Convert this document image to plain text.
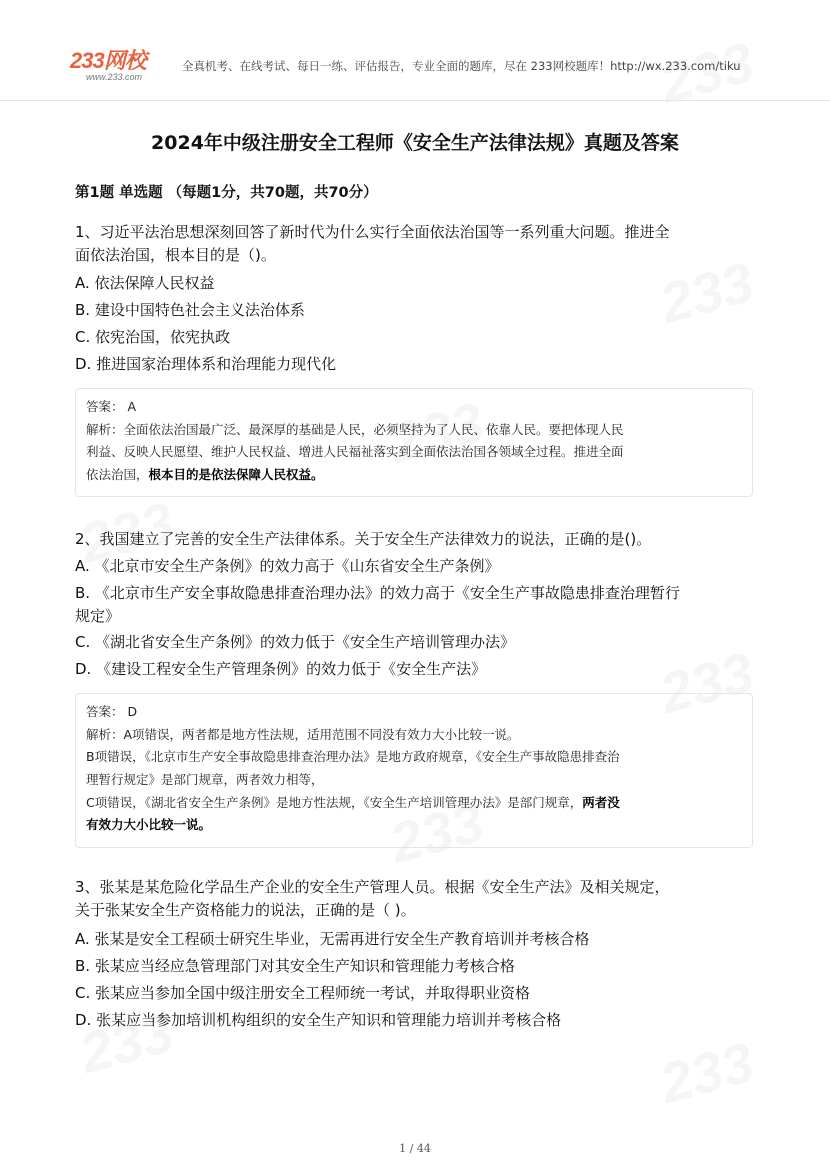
233网校
www.233.com
全真机考、在线考试、每日一练、评估报告，专业全面的题库，尽在 233网校题库！http://wx.233.com/tiku
2024年中级注册安全工程师《安全生产法律法规》真题及答案
第1题 单选题 （每题1分，共70题，共70分）
1、习近平法治思想深刻回答了新时代为什么实行全面依法治国等一系列重大问题。推进全
面依法治国，根本目的是（)。
A. 依法保障人民权益
B. 建设中国特色社会主义法治体系
C. 依宪治国，依宪执政
D. 推进国家治理体系和治理能力现代化
答案： A
解析：全面依法治国最广泛、最深厚的基础是人民，必须坚持为了人民、依靠人民。要把体现人民
利益、反映人民愿望、维护人民权益、增进人民福祉落实到全面依法治国各领域全过程。推进全面
依法治国，根本目的是依法保障人民权益。
2、我国建立了完善的安全生产法律体系。关于安全生产法律效力的说法，正确的是()。
A. 《北京市安全生产条例》的效力高于《山东省安全生产条例》
B. 《北京市生产安全事故隐患排查治理办法》的效力高于《安全生产事故隐患排查治理暂行
规定》
C. 《湖北省安全生产条例》的效力低于《安全生产培训管理办法》
D. 《建设工程安全生产管理条例》的效力低于《安全生产法》
答案： D
解析：A项错误，两者都是地方性法规，适用范围不同没有效力大小比较一说。
B项错误，《北京市生产安全事故隐患排查治理办法》是地方政府规章，《安全生产事故隐患排查治
理暂行规定》是部门规章，两者效力相等，
C项错误，《湖北省安全生产条例》是地方性法规，《安全生产培训管理办法》是部门规章，两者没
有效力大小比较一说。
3、张某是某危险化学品生产企业的安全生产管理人员。根据《安全生产法》及相关规定，
关于张某安全生产资格能力的说法，正确的是（ )。
A. 张某是安全工程硕士研究生毕业，无需再进行安全生产教育培训并考核合格
B. 张某应当经应急管理部门对其安全生产知识和管理能力考核合格
C. 张某应当参加全国中级注册安全工程师统一考试，并取得职业资格
D. 张某应当参加培训机构组织的安全生产知识和管理能力培训并考核合格
1 / 44
